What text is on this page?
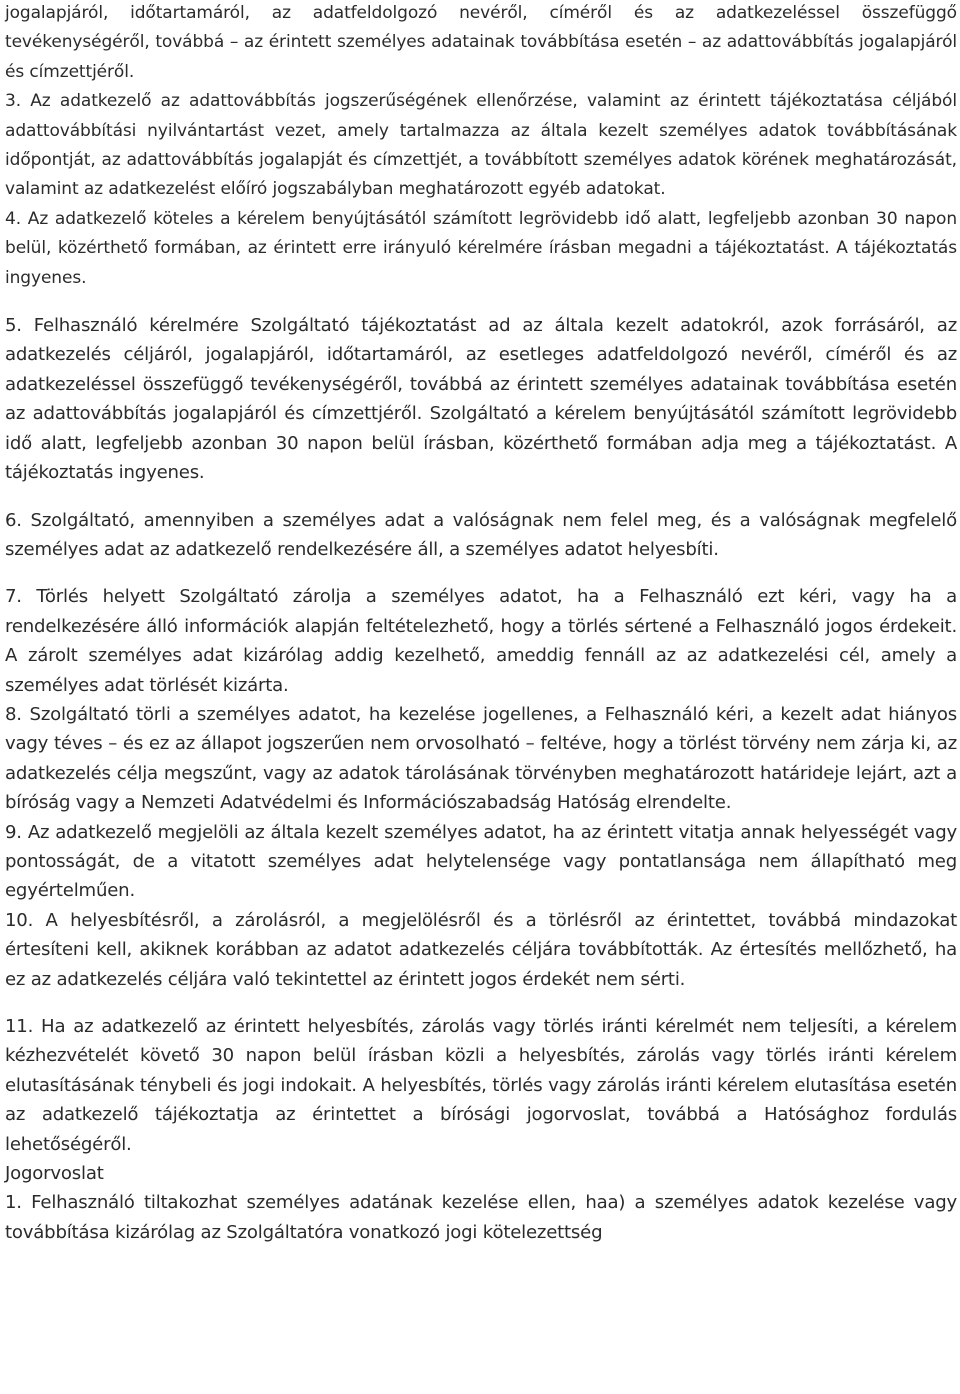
jogalapjáról, időtartamáról, az adatfeldolgozó nevéről, címéről és az adatkezeléssel összefüggő tevékenységéről, továbbá – az érintett személyes adatainak továbbítása esetén – az adattovábbítás jogalapjáról és címzettjéről.

3. Az adatkezelő az adattovábbítás jogszerűségének ellenőrzése, valamint az érintett tájékoztatása céljából adattovábbítási nyilvántartást vezet, amely tartalmazza az általa kezelt személyes adatok továbbításának időpontját, az adattovábbítás jogalapját és címzettjét, a továbbított személyes adatok körének meghatározását, valamint az adatkezelést előíró jogszabályban meghatározott egyéb adatokat.

4. Az adatkezelő köteles a kérelem benyújtásától számított legrövidebb idő alatt, legfeljebb azonban 30 napon belül, közérthető formában, az érintett erre irányuló kérelmére írásban megadni a tájékoztatást. A tájékoztatás ingyenes.

5. Felhasználó kérelmére Szolgáltató tájékoztatást ad az általa kezelt adatokról, azok forrásáról, az adatkezelés céljáról, jogalapjáról, időtartamáról, az esetleges adatfeldolgozó nevéről, címéről és az adatkezeléssel összefüggő tevékenységéről, továbbá az érintett személyes adatainak továbbítása esetén az adattovábbítás jogalapjáról és címzettjéről. Szolgáltató a kérelem benyújtásától számított legrövidebb idő alatt, legfeljebb azonban 30 napon belül írásban, közérthető formában adja meg a tájékoztatást. A tájékoztatás ingyenes.

6. Szolgáltató, amennyiben a személyes adat a valóságnak nem felel meg, és a valóságnak megfelelő személyes adat az adatkezelő rendelkezésére áll, a személyes adatot helyesbíti.

7. Törlés helyett Szolgáltató zárolja a személyes adatot, ha a Felhasználó ezt kéri, vagy ha a rendelkezésére álló információk alapján feltételezhető, hogy a törlés sértené a Felhasználó jogos érdekeit. A zárolt személyes adat kizárólag addig kezelhető, ameddig fennáll az az adatkezelési cél, amely a személyes adat törlését kizárta.

8. Szolgáltató törli a személyes adatot, ha kezelése jogellenes, a Felhasználó kéri, a kezelt adat hiányos vagy téves – és ez az állapot jogszerűen nem orvosolható – feltéve, hogy a törlést törvény nem zárja ki, az adatkezelés célja megszűnt, vagy az adatok tárolásának törvényben meghatározott határideje lejárt, azt a bíróság vagy a Nemzeti Adatvédelmi és Információszabadság Hatóság elrendelte.

9. Az adatkezelő megjelöli az általa kezelt személyes adatot, ha az érintett vitatja annak helyességét vagy pontosságát, de a vitatott személyes adat helytelensége vagy pontatlansága nem állapítható meg egyértelműen.

10. A helyesbítésről, a zárolásról, a megjelölésről és a törlésről az érintettet, továbbá mindazokat értesíteni kell, akiknek korábban az adatot adatkezelés céljára továbbították. Az értesítés mellőzhető, ha ez az adatkezelés céljára való tekintettel az érintett jogos érdekét nem sérti.

11. Ha az adatkezelő az érintett helyesbítés, zárolás vagy törlés iránti kérelmét nem teljesíti, a kérelem kézhezvételét követő 30 napon belül írásban közli a helyesbítés, zárolás vagy törlés iránti kérelem elutasításának ténybeli és jogi indokait. A helyesbítés, törlés vagy zárolás iránti kérelem elutasítása esetén az adatkezelő tájékoztatja az érintettet a bírósági jogorvoslat, továbbá a Hatósághoz fordulás lehetőségéről.

Jogorvoslat

1. Felhasználó tiltakozhat személyes adatának kezelése ellen, haa) a személyes adatok kezelése vagy továbbítása kizárólag az Szolgáltatóra vonatkozó jogi kötelezettség
